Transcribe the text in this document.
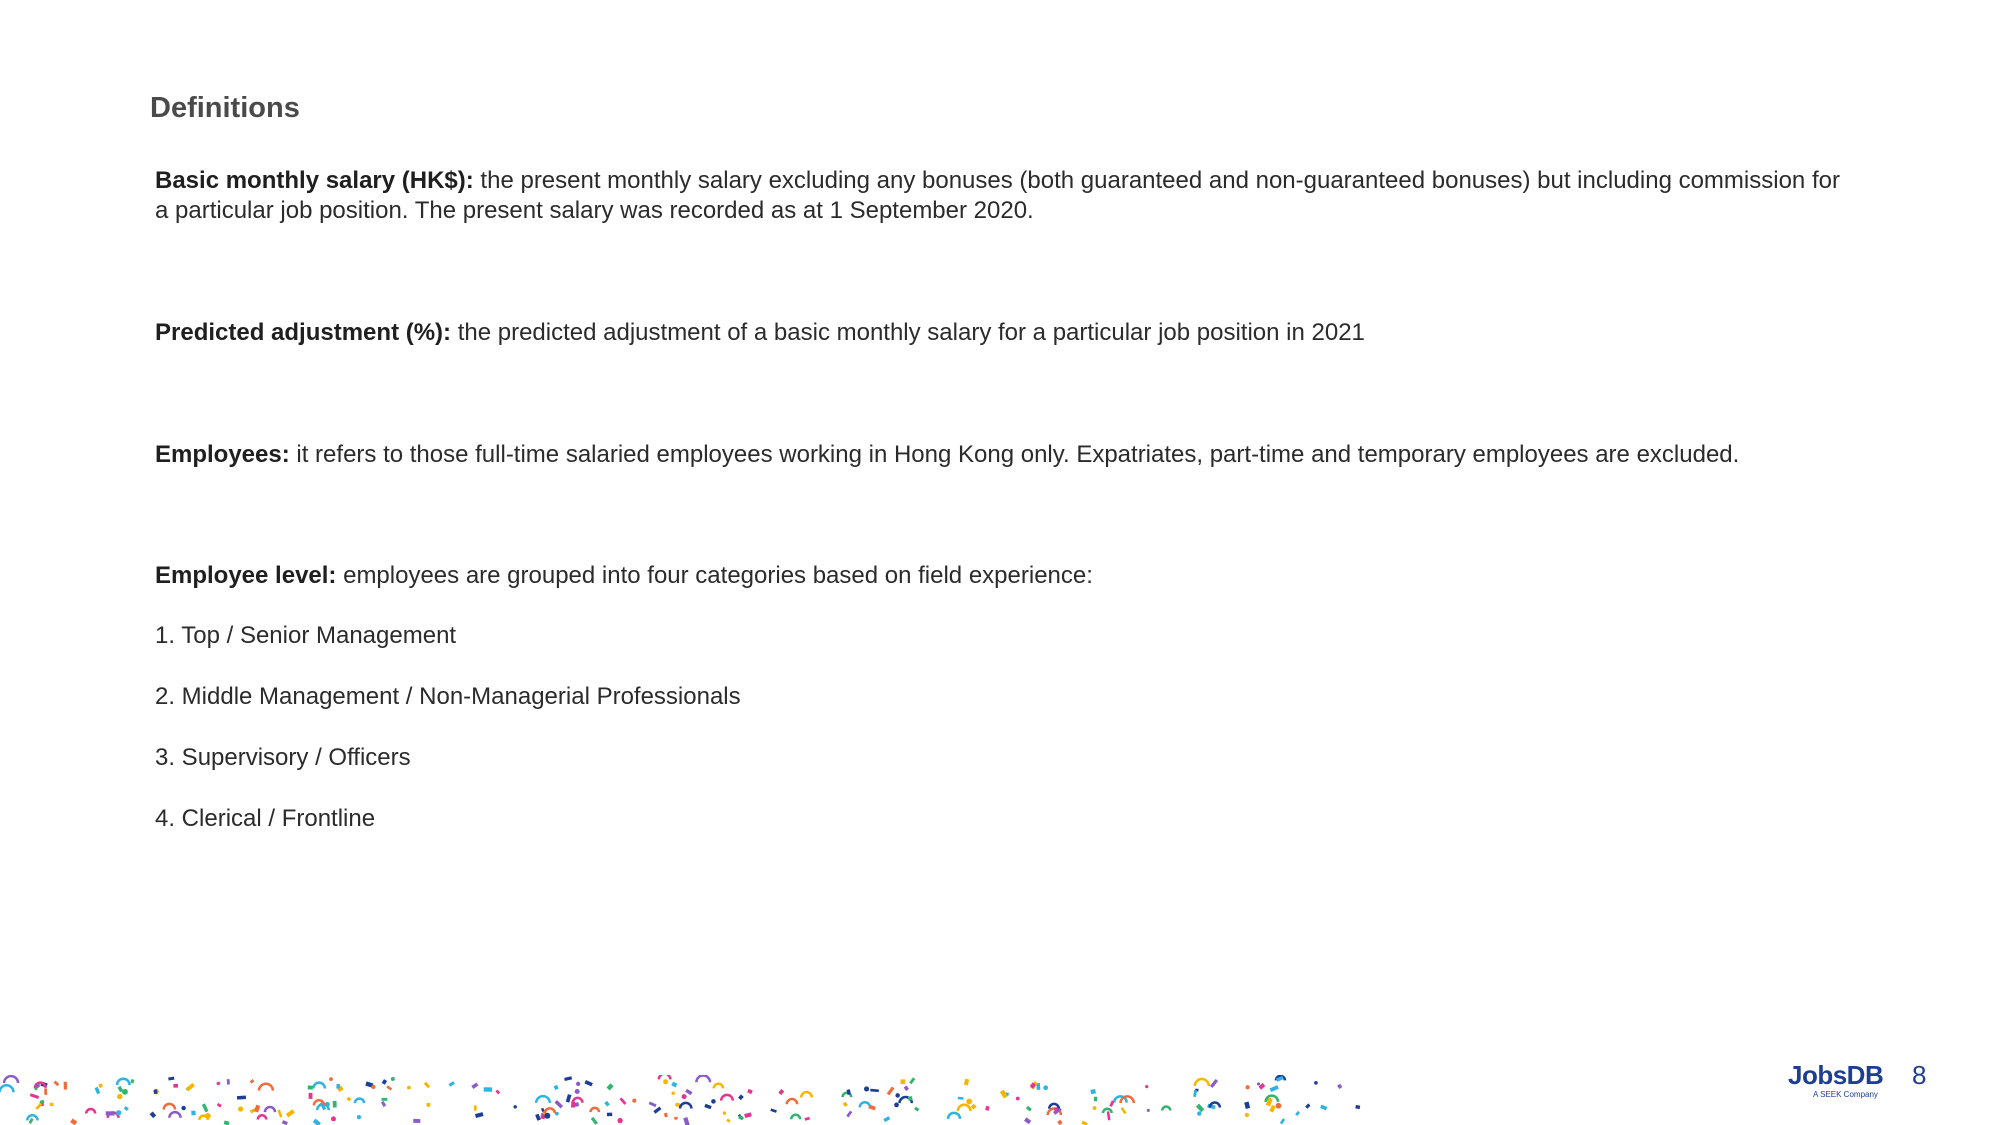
Definitions

Basic monthly salary (HK$): the present monthly salary excluding any bonuses (both guaranteed and non-guaranteed bonuses) but including commission for a particular job position. The present salary was recorded as at 1 September 2020.

Predicted adjustment (%): the predicted adjustment of a basic monthly salary for a particular job position in 2021

Employees: it refers to those full-time salaried employees working in Hong Kong only. Expatriates, part-time and temporary employees are excluded.

Employee level: employees are grouped into four categories based on field experience:

1. Top / Senior Management
2. Middle Management / Non-Managerial Professionals
3. Supervisory / Officers
4. Clerical / Frontline
JobsDB
A SEEK Company
8
